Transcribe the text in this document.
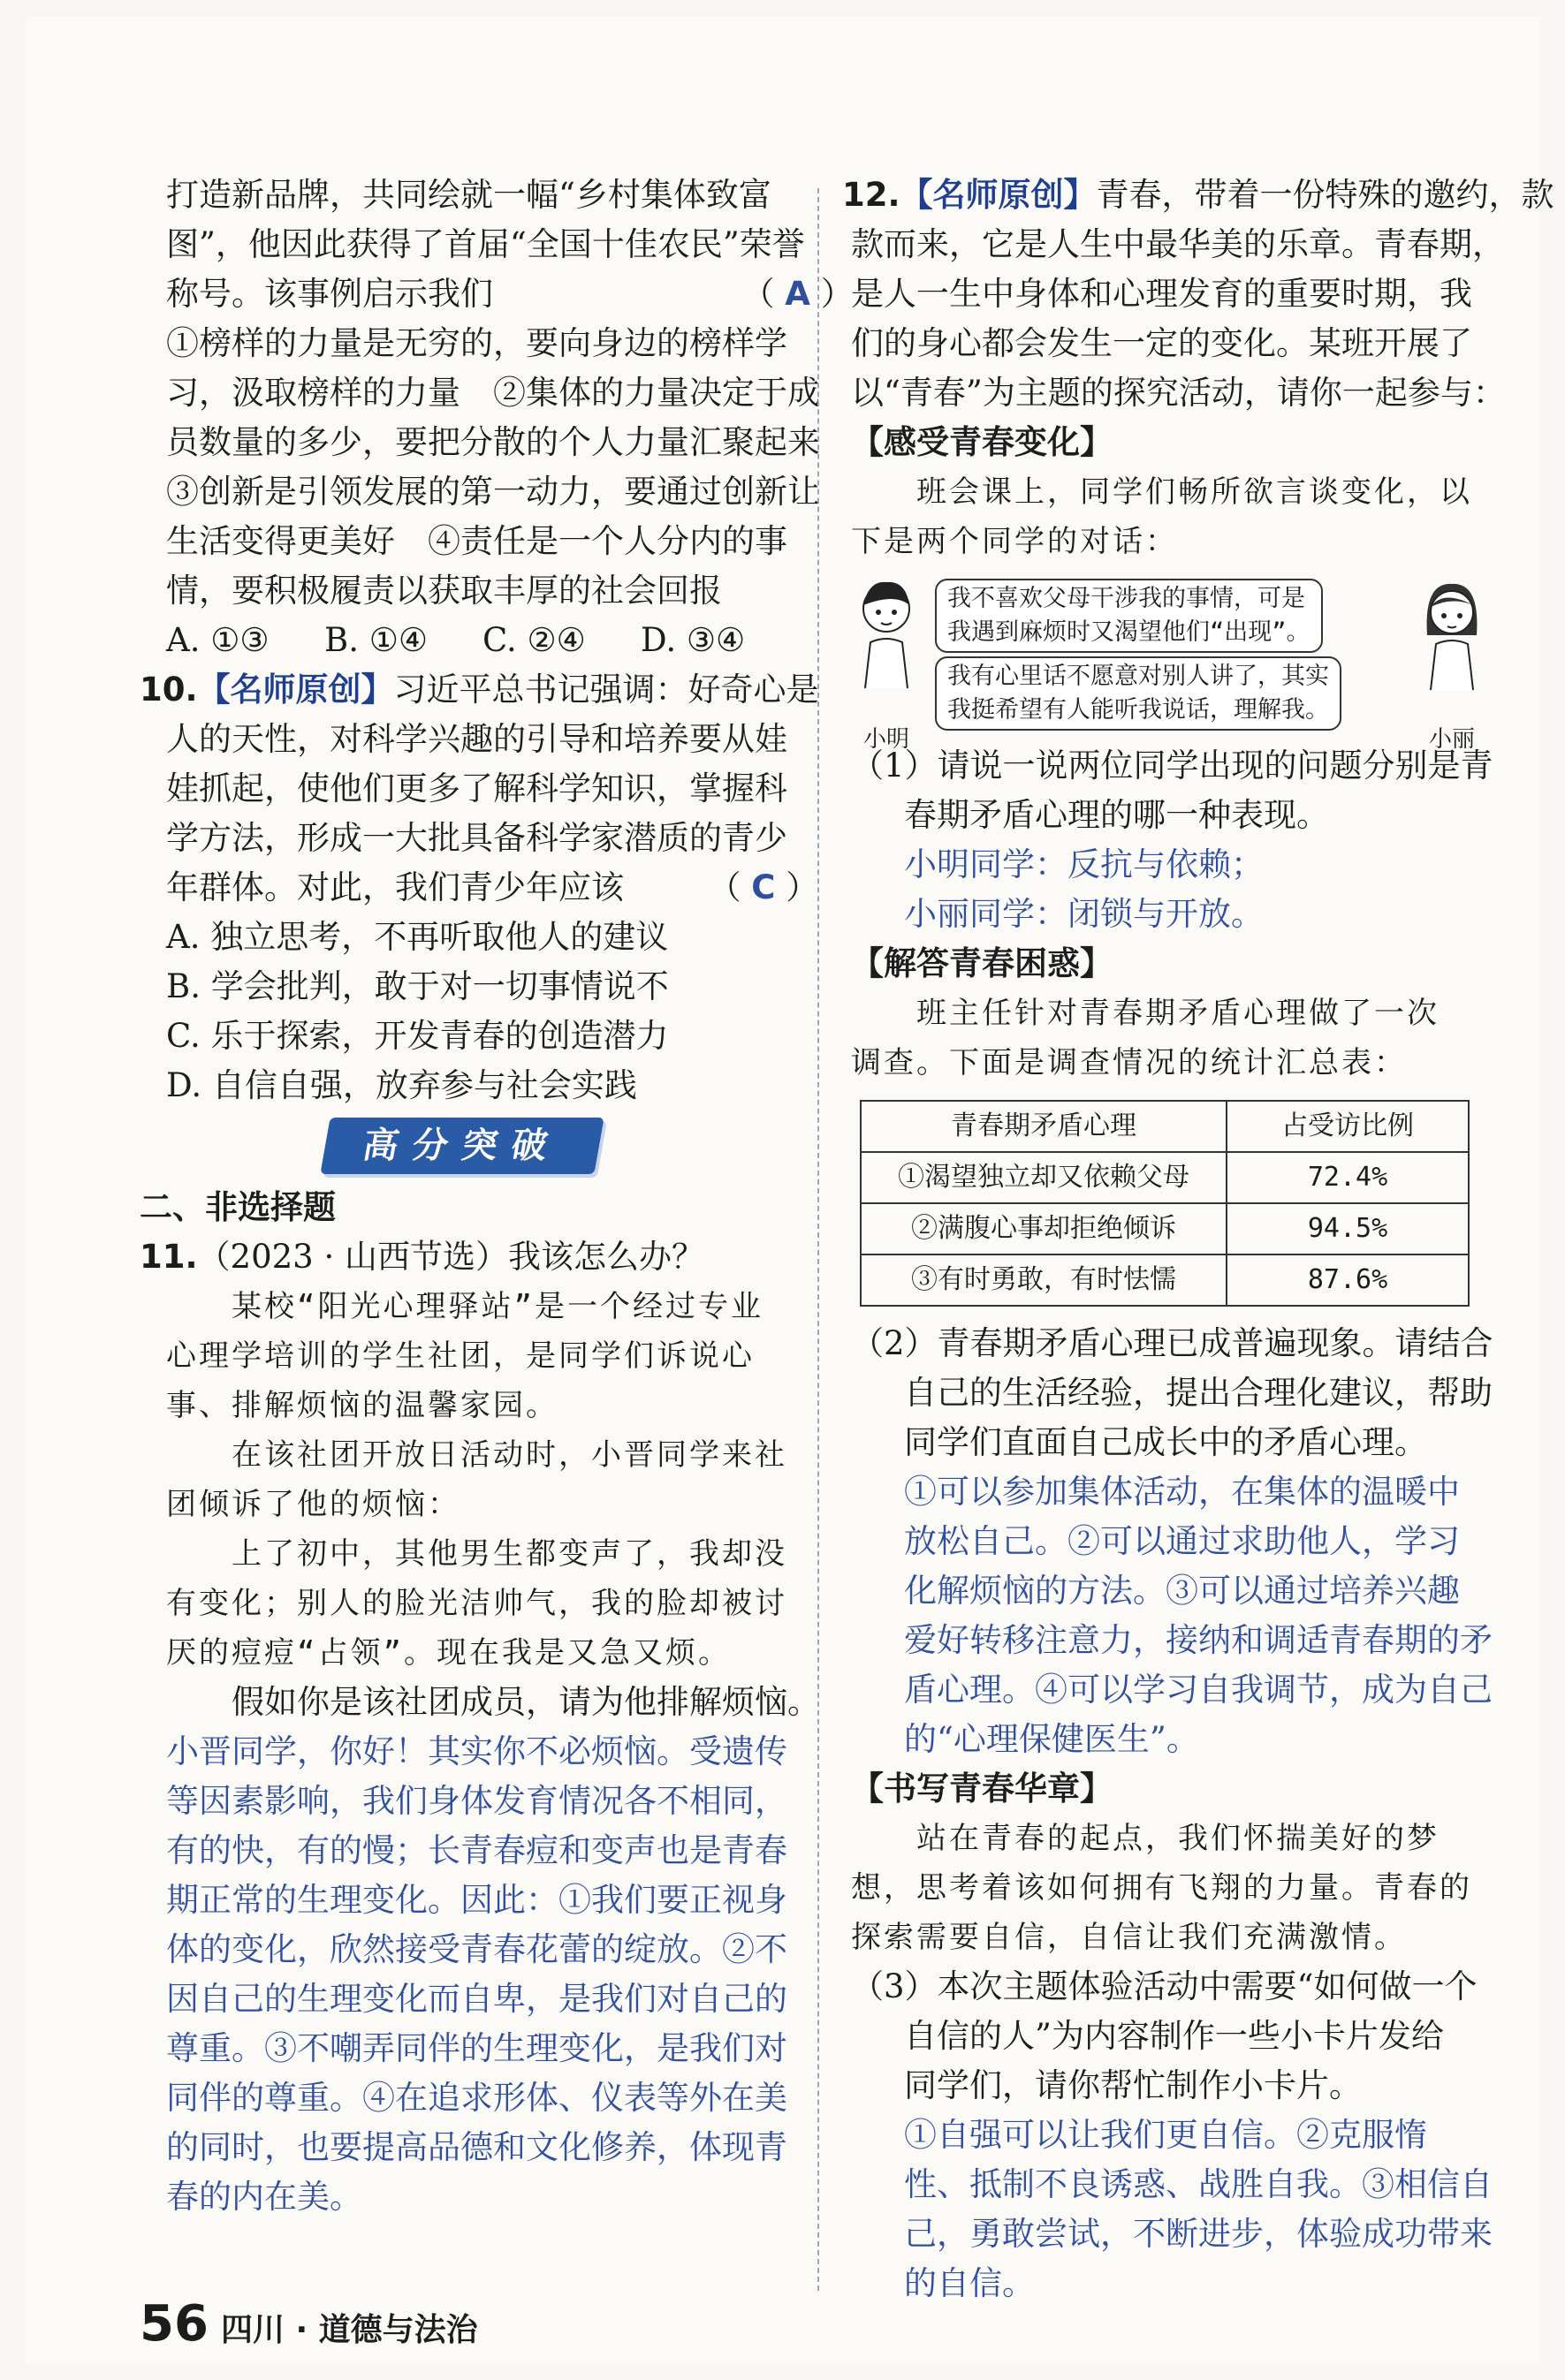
打造新品牌，共同绘就一幅“乡村集体致富
图”，他因此获得了首届“全国十佳农民”荣誉
称号。该事例启示我们	（ A ）
①榜样的力量是无穷的，要向身边的榜样学
习，汲取榜样的力量　②集体的力量决定于成
员数量的多少，要把分散的个人力量汇聚起来
③创新是引领发展的第一动力，要通过创新让
生活变得更美好　④责任是一个人分内的事
情，要积极履责以获取丰厚的社会回报
A. ①③	B. ①④	C. ②④	D. ③④
10.【名师原创】习近平总书记强调：好奇心是
人的天性，对科学兴趣的引导和培养要从娃
娃抓起，使他们更多了解科学知识，掌握科
学方法，形成一大批具备科学家潜质的青少
年群体。对此，我们青少年应该	（ C ）
A. 独立思考，不再听取他人的建议
B. 学会批判，敢于对一切事情说不
C. 乐于探索，开发青春的创造潜力
D. 自信自强，放弃参与社会实践
高分突破
二、非选择题
11.（2023 · 山西节选）我该怎么办？
　　某校“阳光心理驿站”是一个经过专业
心理学培训的学生社团，是同学们诉说心
事、排解烦恼的温馨家园。
　　在该社团开放日活动时，小晋同学来社
团倾诉了他的烦恼：
　　上了初中，其他男生都变声了，我却没
有变化；别人的脸光洁帅气，我的脸却被讨
厌的痘痘“占领”。现在我是又急又烦。
　　假如你是该社团成员，请为他排解烦恼。
小晋同学，你好！其实你不必烦恼。受遗传
等因素影响，我们身体发育情况各不相同，
有的快，有的慢；长青春痘和变声也是青春
期正常的生理变化。因此：①我们要正视身
体的变化，欣然接受青春花蕾的绽放。②不
因自己的生理变化而自卑，是我们对自己的
尊重。③不嘲弄同伴的生理变化，是我们对
同伴的尊重。④在追求形体、仪表等外在美
的同时，也要提高品德和文化修养，体现青
春的内在美。
12.【名师原创】青春，带着一份特殊的邀约，款
款而来，它是人生中最华美的乐章。青春期，
是人一生中身体和心理发育的重要时期，我
们的身心都会发生一定的变化。某班开展了
以“青春”为主题的探究活动，请你一起参与：
【感受青春变化】
　　班会课上，同学们畅所欲言谈变化，以
下是两个同学的对话：
小明
我不喜欢父母干涉我的事情，可是
我遇到麻烦时又渴望他们“出现”。
我有心里话不愿意对别人讲了，其实
我挺希望有人能听我说话，理解我。
小丽
（1）请说一说两位同学出现的问题分别是青
春期矛盾心理的哪一种表现。
小明同学：反抗与依赖；
小丽同学：闭锁与开放。
【解答青春困惑】
　　班主任针对青春期矛盾心理做了一次
调查。下面是调查情况的统计汇总表：
青春期矛盾心理	占受访比例
①渴望独立却又依赖父母	72.4%
②满腹心事却拒绝倾诉	94.5%
③有时勇敢，有时怯懦	87.6%
（2）青春期矛盾心理已成普遍现象。请结合
自己的生活经验，提出合理化建议，帮助
同学们直面自己成长中的矛盾心理。
①可以参加集体活动，在集体的温暖中
放松自己。②可以通过求助他人，学习
化解烦恼的方法。③可以通过培养兴趣
爱好转移注意力，接纳和调适青春期的矛
盾心理。④可以学习自我调节，成为自己
的“心理保健医生”。
【书写青春华章】
　　站在青春的起点，我们怀揣美好的梦
想，思考着该如何拥有飞翔的力量。青春的
探索需要自信，自信让我们充满激情。
（3）本次主题体验活动中需要“如何做一个
自信的人”为内容制作一些小卡片发给
同学们，请你帮忙制作小卡片。
①自强可以让我们更自信。②克服惰
性、抵制不良诱惑、战胜自我。③相信自
己，勇敢尝试，不断进步，体验成功带来
的自信。
56 四川 · 道德与法治
